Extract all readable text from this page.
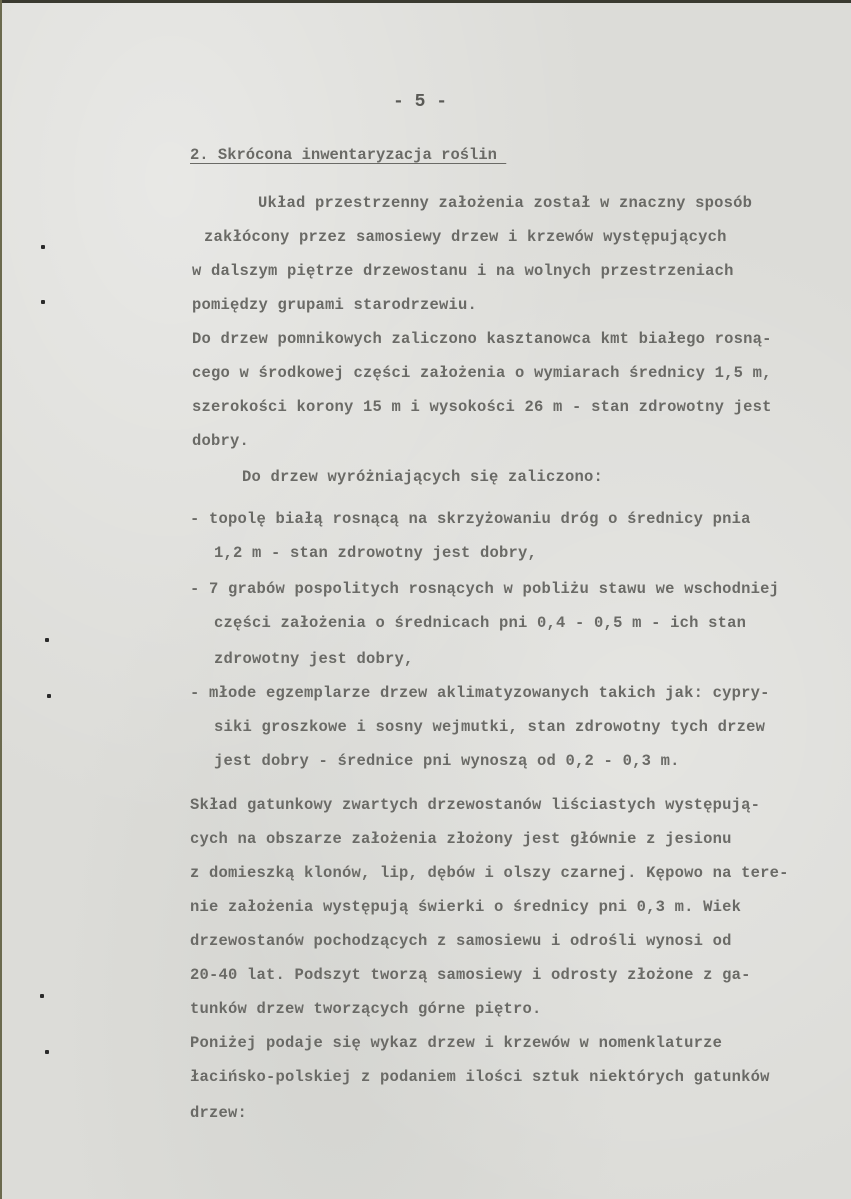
- 5 -
2. Skrócona inwentaryzacja roślin
Układ przestrzenny założenia został w znaczny sposób
zakłócony przez samosiewy drzew i krzewów występujących
w dalszym piętrze drzewostanu i na wolnych przestrzeniach
pomiędzy grupami starodrzewiu.
Do drzew pomnikowych zaliczono kasztanowca kmt białego rosną-
cego w środkowej części założenia o wymiarach średnicy 1,5 m,
szerokości korony 15 m i wysokości 26 m - stan zdrowotny jest
dobry.
Do drzew wyróżniających się zaliczono:
- topolę białą rosnącą na skrzyżowaniu dróg o średnicy pnia
1,2 m - stan zdrowotny jest dobry,
- 7 grabów pospolitych rosnących w pobliżu stawu we wschodniej
części założenia o średnicach pni 0,4 - 0,5 m - ich stan
zdrowotny jest dobry,
- młode egzemplarze drzew aklimatyzowanych takich jak: cypry-
siki groszkowe i sosny wejmutki, stan zdrowotny tych drzew
jest dobry - średnice pni wynoszą od 0,2 - 0,3 m.
Skład gatunkowy zwartych drzewostanów liściastych występują-
cych na obszarze założenia złożony jest głównie z jesionu
z domieszką klonów, lip, dębów i olszy czarnej. Kępowo na tere-
nie założenia występują świerki o średnicy pni 0,3 m. Wiek
drzewostanów pochodzących z samosiewu i odrośli wynosi od
20-40 lat. Podszyt tworzą samosiewy i odrosty złożone z ga-
tunków drzew tworzących górne piętro.
Poniżej podaje się wykaz drzew i krzewów w nomenklaturze
łacińsko-polskiej z podaniem ilości sztuk niektórych gatunków
drzew:
